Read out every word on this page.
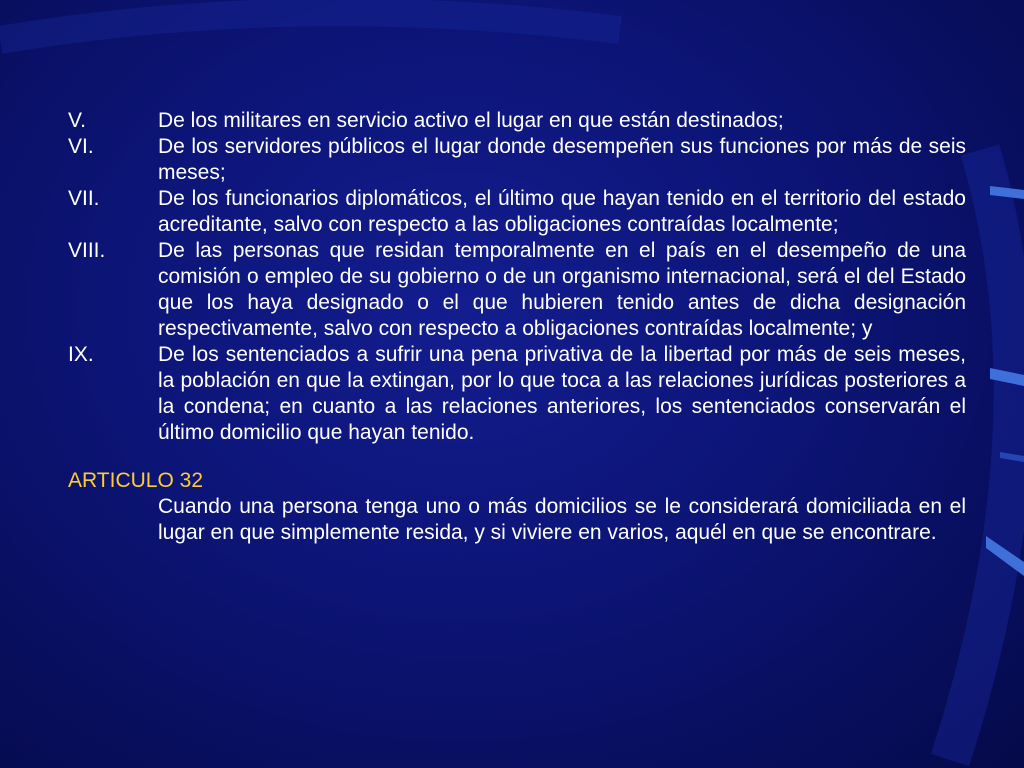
V.	De los militares en servicio activo el lugar en que están destinados;
VI.	De los servidores públicos el lugar donde desempeñen sus funciones por más de seis meses;
VII.	De los funcionarios diplomáticos, el último que hayan tenido en el territorio del estado acreditante, salvo con respecto a las obligaciones contraídas localmente;
VIII.	De las personas que residan temporalmente en el país en el desempeño de una comisión o empleo de su gobierno o de un organismo internacional, será el del Estado que los haya designado o el que hubieren tenido antes de dicha designación respectivamente, salvo con respecto a obligaciones contraídas localmente; y
IX.	De los sentenciados a sufrir una pena privativa de la libertad por más de seis meses, la población en que la extingan, por lo que toca a las relaciones jurídicas posteriores a la condena; en cuanto a las relaciones anteriores, los sentenciados conservarán el último domicilio que hayan tenido.
ARTICULO 32
Cuando una persona tenga uno o más domicilios se le considerará domiciliada en el lugar en que simplemente resida, y si viviere en varios, aquél en que se encontrare.
